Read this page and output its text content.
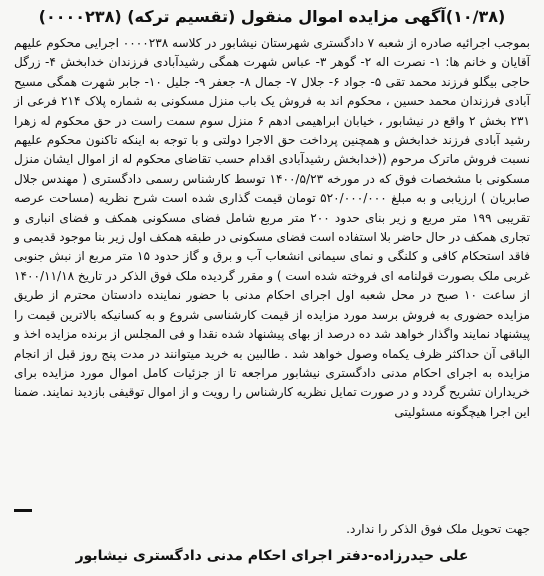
(۱۰/۳۸)آگهی مزایده اموال منقول (تقسیم ترکه) (۰۰۰۰۲۳۸)

بموجب اجرائیه صادره از شعبه ۷ دادگستری شهرستان نیشابور در کلاسه ۰۰۰۰۲۳۸ اجرایی محکوم علیهم آقایان و خانم ها: ۱- نصرت اله ۲- گوهر ۳- عباس شهرت همگی رشیدآبادی فرزندان خدابخش ۴- زرگل حاجی بیگلو فرزند محمد تقی ۵- جواد ۶- جلال ۷- جمال ۸- جعفر ۹- جلیل ۱۰- جابر شهرت همگی مسیح آبادی فرزندان محمد حسین ، محکوم اند به فروش یک باب منزل مسکونی به شماره پلاک ۲۱۴ فرعی از ۲۳۱ بخش ۲ واقع در نیشابور ، خیابان ابراهیمی ادهم ۶ منزل سوم سمت راست در حق محکوم له زهرا رشید آبادی فرزند خدابخش و همچنین پرداخت حق الاجرا دولتی و با توجه به اینکه تاکنون محکوم علیهم نسبت فروش ماترک مرحوم ((خدابخش رشیدآبادی اقدام حسب تقاضای محکوم له از اموال ایشان منزل مسکونی با مشخصات فوق که در مورخه ۱۴۰۰/۵/۲۳ توسط کارشناس رسمی دادگستری ( مهندس جلال صابریان ) ارزیابی و به مبلغ ۵۲۰/۰۰۰/۰۰۰ تومان قیمت گذاری شده است شرح نظریه (مساحت عرصه تقریبی ۱۹۹ متر مربع و زیر بنای حدود ۲۰۰ متر مربع شامل فضای مسکونی همکف و فضای انباری و تجاری همکف در حال حاضر بلا استفاده است فضای مسکونی در طبقه همکف اول زیر بنا موجود قدیمی و فاقد استحکام کافی و کلنگی و نمای سیمانی انشعاب آب و برق و گاز حدود ۱۵ متر مربع از نبش جنوبی غربی ملک بصورت قولنامه ای فروخته شده است ) و مقرر گردیده ملک فوق الذکر در تاریخ ۱۴۰۰/۱۱/۱۸ از ساعت ۱۰ صبح در محل شعبه اول اجرای احکام مدنی با حضور نماینده دادستان محترم از طریق مزایده حضوری به فروش برسد مورد مزایده از قیمت کارشناسی شروع و به کسانیکه بالاترین قیمت را پیشنهاد نمایند واگذار خواهد شد ده درصد از بهای پیشنهاد شده نقدا و فی المجلس از برنده مزایده اخذ و الباقی آن حداکثر ظرف یکماه وصول خواهد شد . طالبین به خرید میتوانند در مدت پنج روز قبل از انجام مزایده به اجرای احکام مدنی دادگستری نیشابور مراجعه تا از جزئیات کامل اموال مورد مزایده برای خریداران تشریح گردد و در صورت تمایل نظریه کارشناس را رویت و از اموال توقیفی بازدید نمایند. ضمنا این اجرا هیچگونه مسئولیتی

جهت تحویل ملک فوق الذکر را ندارد.
علی حیدرزاده-دفتر اجرای احکام مدنی دادگستری نیشابور
